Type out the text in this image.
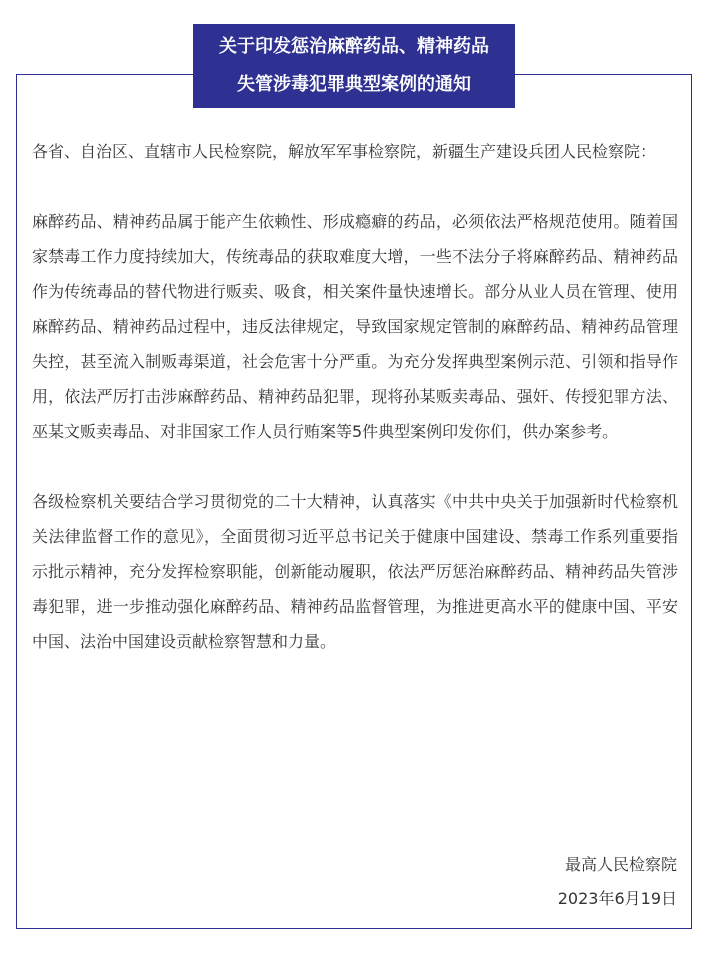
关于印发惩治麻醉药品、精神药品
失管涉毒犯罪典型案例的通知

各省、自治区、直辖市人民检察院，解放军军事检察院，新疆生产建设兵团人民检察院：

麻醉药品、精神药品属于能产生依赖性、形成瘾癖的药品，必须依法严格规范使用。随着国家禁毒工作力度持续加大，传统毒品的获取难度大增，一些不法分子将麻醉药品、精神药品作为传统毒品的替代物进行贩卖、吸食，相关案件量快速增长。部分从业人员在管理、使用麻醉药品、精神药品过程中，违反法律规定，导致国家规定管制的麻醉药品、精神药品管理失控，甚至流入制贩毒渠道，社会危害十分严重。为充分发挥典型案例示范、引领和指导作用，依法严厉打击涉麻醉药品、精神药品犯罪，现将孙某贩卖毒品、强奸、传授犯罪方法、巫某文贩卖毒品、对非国家工作人员行贿案等5件典型案例印发你们，供办案参考。

各级检察机关要结合学习贯彻党的二十大精神，认真落实《中共中央关于加强新时代检察机关法律监督工作的意见》，全面贯彻习近平总书记关于健康中国建设、禁毒工作系列重要指示批示精神，充分发挥检察职能，创新能动履职，依法严厉惩治麻醉药品、精神药品失管涉毒犯罪，进一步推动强化麻醉药品、精神药品监督管理，为推进更高水平的健康中国、平安中国、法治中国建设贡献检察智慧和力量。

最高人民检察院
2023年6月19日
